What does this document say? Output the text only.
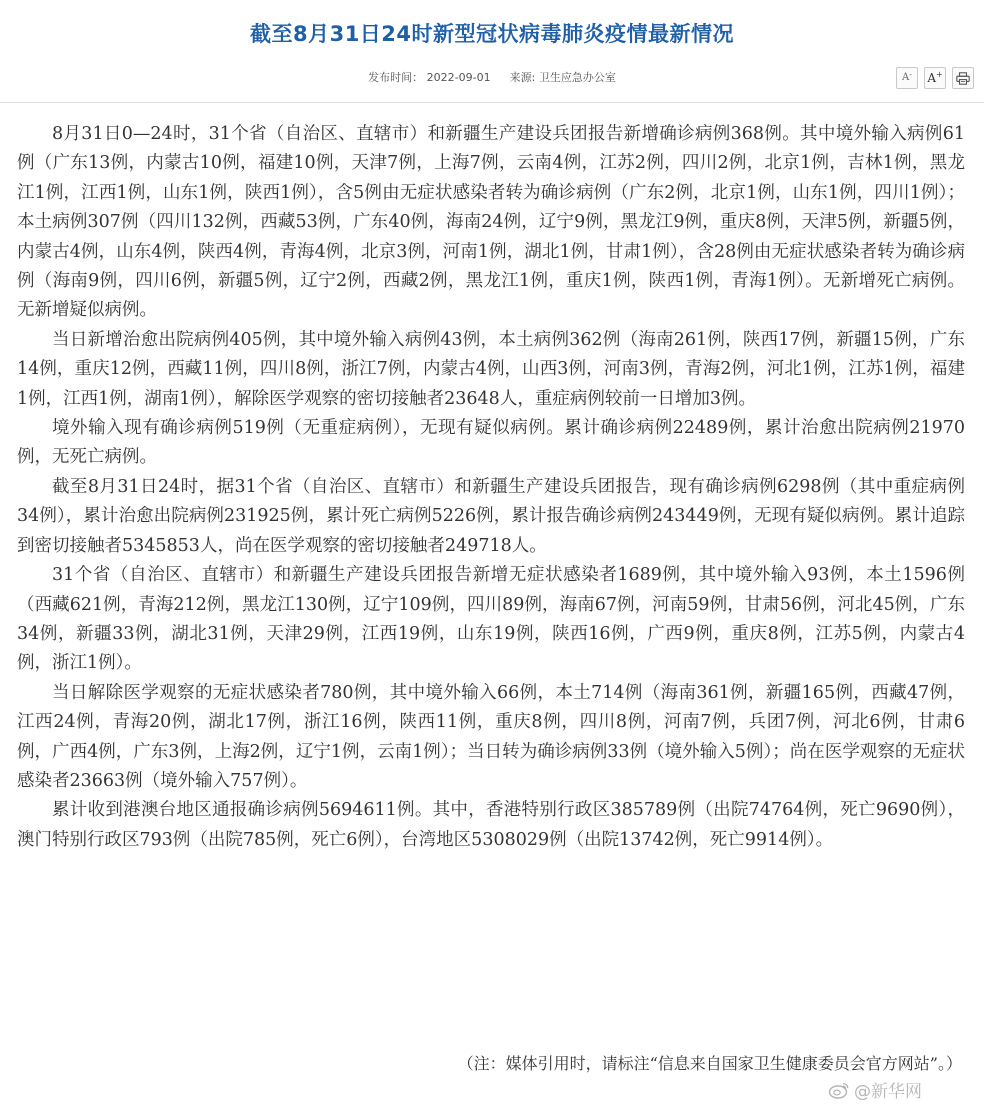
截至8月31日24时新型冠状病毒肺炎疫情最新情况
发布时间： 2022-09-01 来源: 卫生应急办公室	A - A +

8月31日0—24时，31个省（自治区、直辖市）和新疆生产建设兵团报告新增确诊病例368例。其中境外输入病例61例（广东13例，内蒙古10例，福建10例，天津7例，上海7例，云南4例，江苏2例，四川2例，北京1例，吉林1例，黑龙江1例，江西1例，山东1例，陕西1例），含5例由无症状感染者转为确诊病例（广东2例，北京1例，山东1例，四川1例）；本土病例307例（四川132例，西藏53例，广东40例，海南24例，辽宁9例，黑龙江9例，重庆8例，天津5例，新疆5例，内蒙古4例，山东4例，陕西4例，青海4例，北京3例，河南1例，湖北1例，甘肃1例），含28例由无症状感染者转为确诊病例（海南9例，四川6例，新疆5例，辽宁2例，西藏2例，黑龙江1例，重庆1例，陕西1例，青海1例）。无新增死亡病例。无新增疑似病例。

当日新增治愈出院病例405例，其中境外输入病例43例，本土病例362例（海南261例，陕西17例，新疆15例，广东14例，重庆12例，西藏11例，四川8例，浙江7例，内蒙古4例，山西3例，河南3例，青海2例，河北1例，江苏1例，福建1例，江西1例，湖南1例），解除医学观察的密切接触者23648人，重症病例较前一日增加3例。

境外输入现有确诊病例519例（无重症病例），无现有疑似病例。累计确诊病例22489例，累计治愈出院病例21970例，无死亡病例。

截至8月31日24时，据31个省（自治区、直辖市）和新疆生产建设兵团报告，现有确诊病例6298例（其中重症病例34例），累计治愈出院病例231925例，累计死亡病例5226例，累计报告确诊病例243449例，无现有疑似病例。累计追踪到密切接触者5345853人，尚在医学观察的密切接触者249718人。

31个省（自治区、直辖市）和新疆生产建设兵团报告新增无症状感染者1689例，其中境外输入93例，本土1596例（西藏621例，青海212例，黑龙江130例，辽宁109例，四川89例，海南67例，河南59例，甘肃56例，河北45例，广东34例，新疆33例，湖北31例，天津29例，江西19例，山东19例，陕西16例，广西9例，重庆8例，江苏5例，内蒙古4例，浙江1例）。

当日解除医学观察的无症状感染者780例，其中境外输入66例，本土714例（海南361例，新疆165例，西藏47例，江西24例，青海20例，湖北17例，浙江16例，陕西11例，重庆8例，四川8例，河南7例，兵团7例，河北6例，甘肃6例，广西4例，广东3例，上海2例，辽宁1例，云南1例）；当日转为确诊病例33例（境外输入5例）；尚在医学观察的无症状感染者23663例（境外输入757例）。

累计收到港澳台地区通报确诊病例5694611例。其中，香港特别行政区385789例（出院74764例，死亡9690例），澳门特别行政区793例（出院785例，死亡6例），台湾地区5308029例（出院13742例，死亡9914例）。

（注：媒体引用时，请标注“信息来自国家卫生健康委员会官方网站”。）
@新华网
